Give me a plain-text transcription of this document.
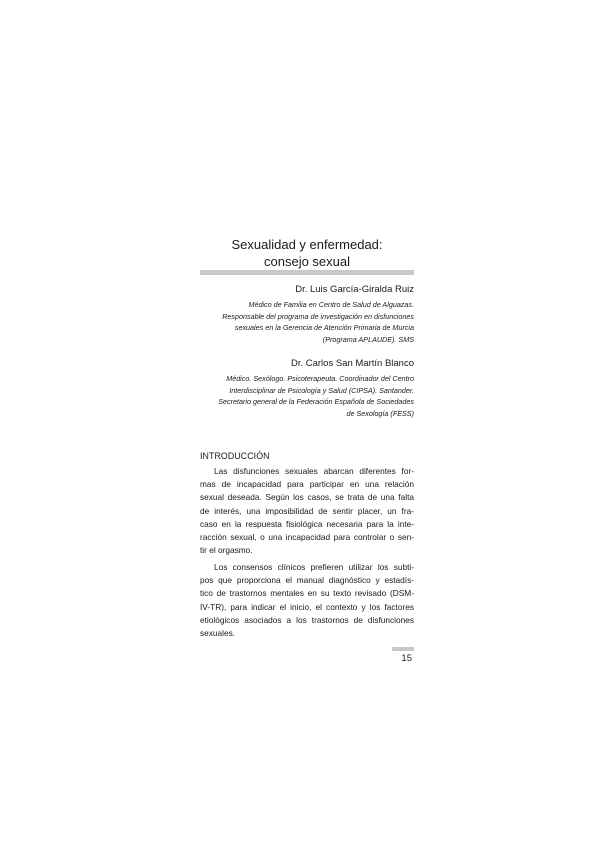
Sexualidad y enfermedad:
consejo sexual
Dr. Luis García-Giralda Ruiz
Médico de Familia en Centro de Salud de Alguazas.
Responsable del programa de investigación en disfunciones
sexuales en la Gerencia de Atención Primaria de Murcia
(Programa APLAUDE). SMS
Dr. Carlos San Martín Blanco
Médico. Sexólogo. Psicoterapeuta. Coordinador del Centro
Interdisciplinar de Psicología y Salud (CIPSA). Santander.
Secretario general de la Federación Española de Sociedades
de Sexología (FESS)
INTRODUCCIÓN
Las disfunciones sexuales abarcan diferentes for-
mas de incapacidad para participar en una relación
sexual deseada. Según los casos, se trata de una falta
de interés, una imposibilidad de sentir placer, un fra-
caso en la respuesta fisiológica necesaria para la inte-
racción sexual, o una incapacidad para controlar o sen-
tir el orgasmo.
Los consensos clínicos prefieren utilizar los subti-
pos que proporciona el manual diagnóstico y estadís-
tico de trastornos mentales en su texto revisado (DSM-
IV-TR), para indicar el inicio, el contexto y los factores
etiológicos asociados a los trastornos de disfunciones
sexuales.
15
